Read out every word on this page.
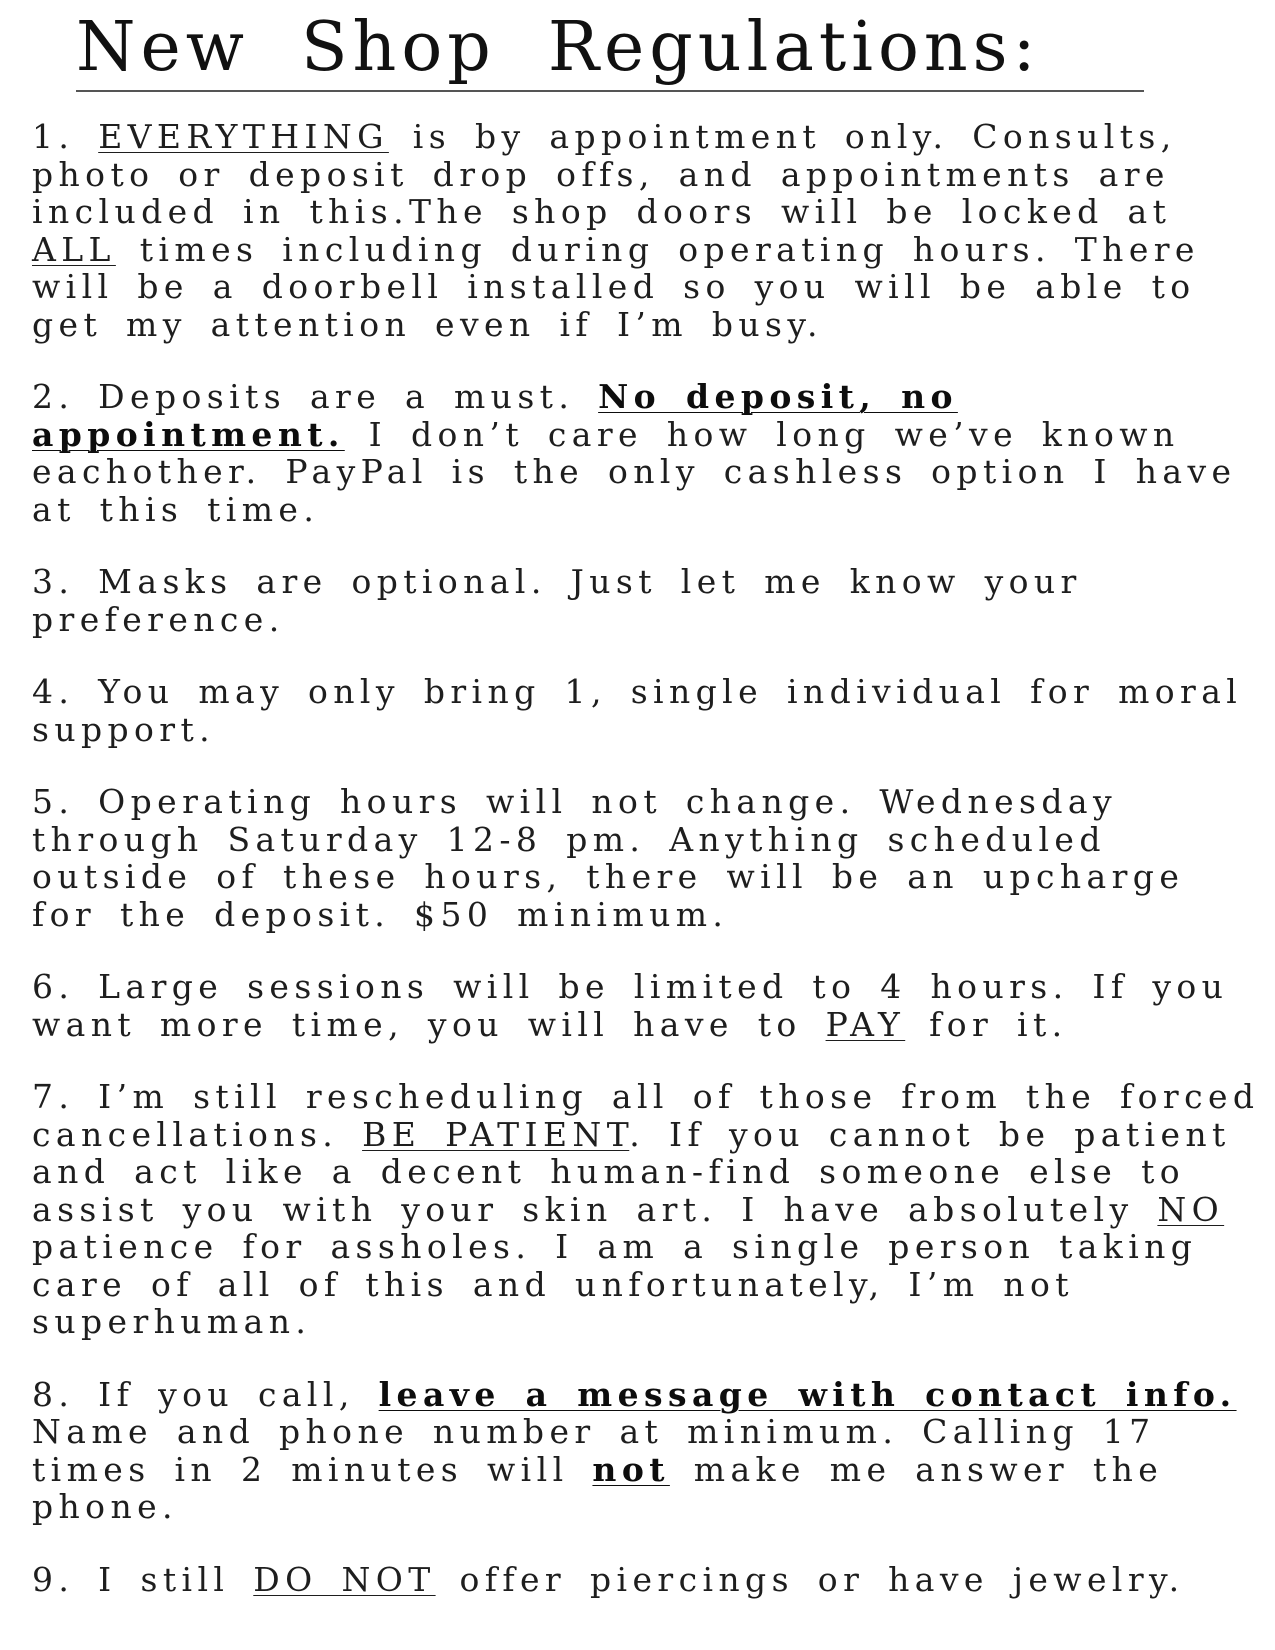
New Shop Regulations:

1. EVERYTHING is by appointment only. Consults, photo or deposit drop offs, and appointments are included in this.The shop doors will be locked at ALL times including during operating hours. There will be a doorbell installed so you will be able to get my attention even if I’m busy.

2. Deposits are a must. No deposit, no appointment. I don’t care how long we’ve known eachother. PayPal is the only cashless option I have at this time.

3. Masks are optional. Just let me know your preference.

4. You may only bring 1, single individual for moral support.

5. Operating hours will not change. Wednesday through Saturday 12-8 pm. Anything scheduled outside of these hours, there will be an upcharge for the deposit. $50 minimum.

6. Large sessions will be limited to 4 hours. If you want more time, you will have to PAY for it.

7. I’m still rescheduling all of those from the forced cancellations. BE PATIENT. If you cannot be patient and act like a decent human-find someone else to assist you with your skin art. I have absolutely NO patience for assholes. I am a single person taking care of all of this and unfortunately, I’m not superhuman.

8. If you call, leave a message with contact info. Name and phone number at minimum. Calling 17 times in 2 minutes will not make me answer the phone.

9. I still DO NOT offer piercings or have jewelry.
